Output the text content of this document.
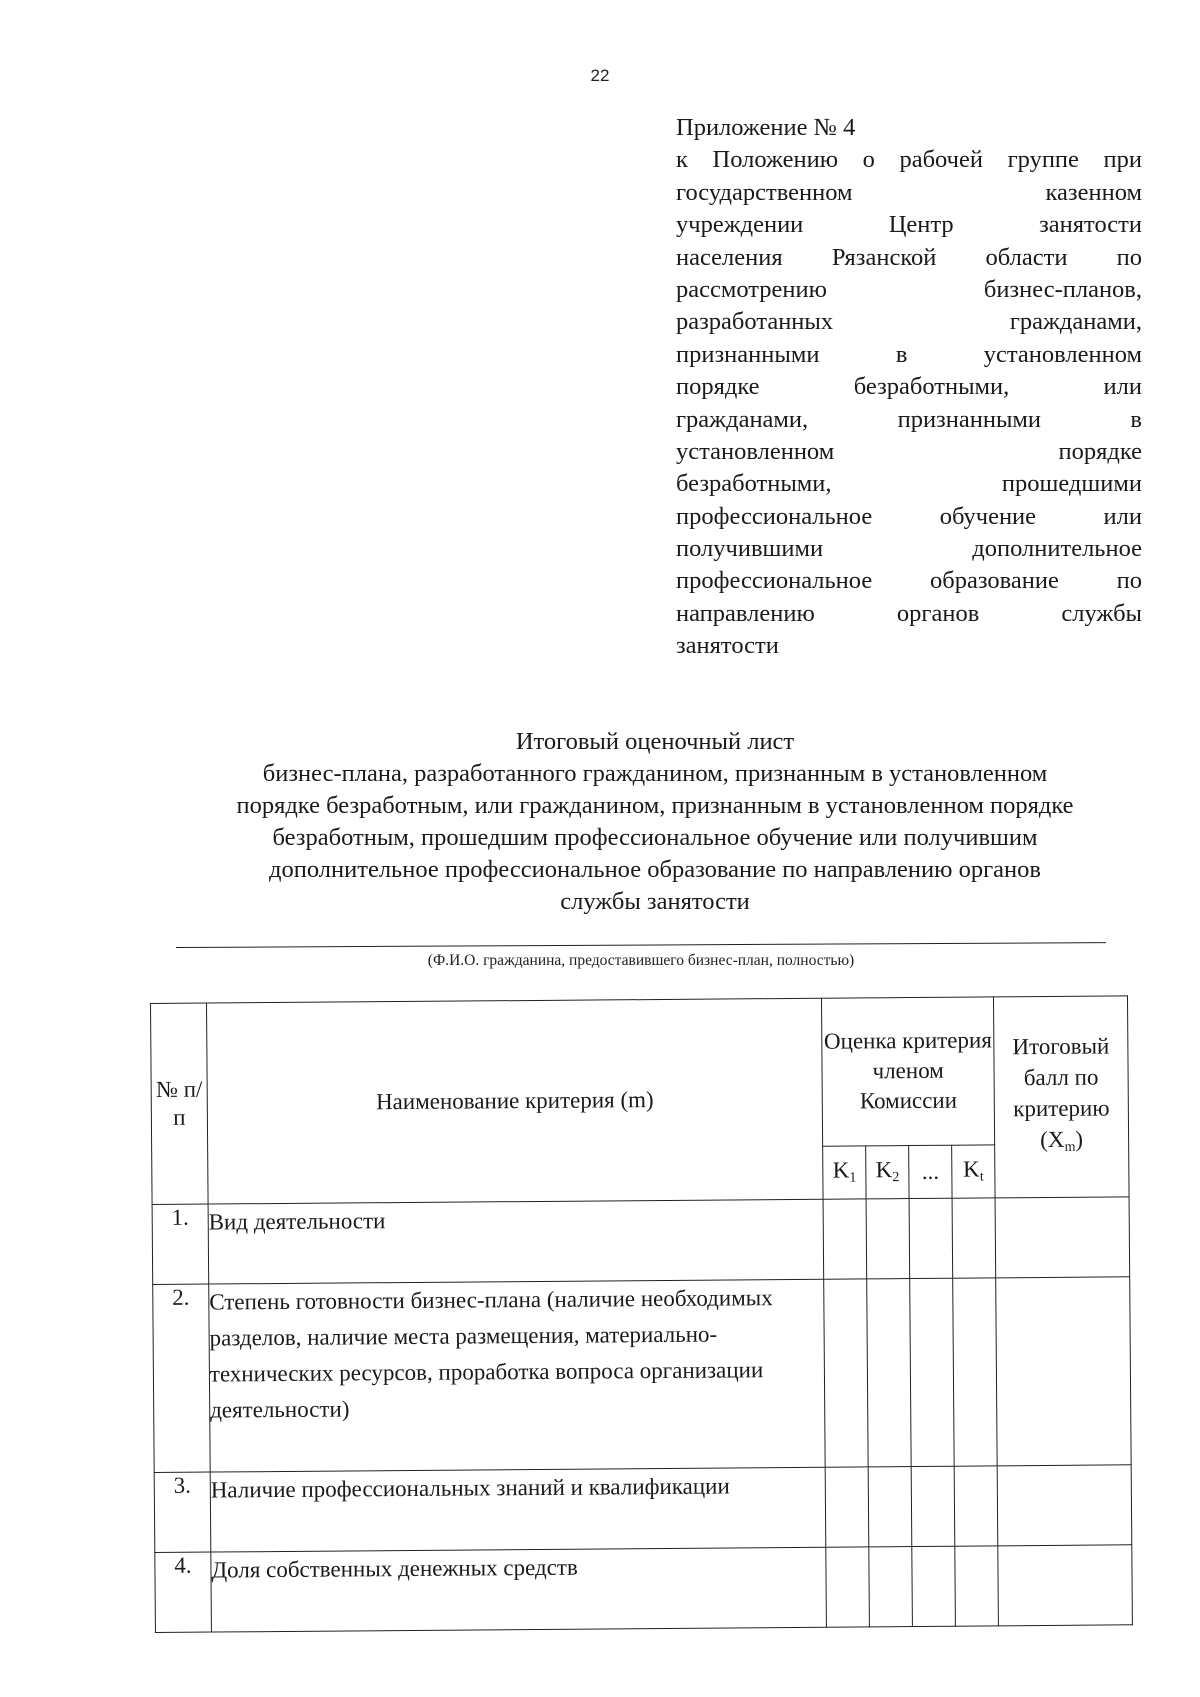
22
Приложение № 4
к Положению о рабочей группе при
государственном казенном
учреждении Центр занятости
населения Рязанской области по
рассмотрению бизнес-планов,
разработанных гражданами,
признанными в установленном
порядке безработными, или
гражданами, признанными в
установленном порядке
безработными, прошедшими
профессиональное обучение или
получившими дополнительное
профессиональное образование по
направлению органов службы
занятости
Итоговый оценочный лист
бизнес-плана, разработанного гражданином, признанным в установленном
порядке безработным, или гражданином, признанным в установленном порядке
безработным, прошедшим профессиональное обучение или получившим
дополнительное профессиональное образование по направлению органов
службы занятости
(Ф.И.О. гражданина, предоставившего бизнес-план, полностью)
№ п/п	Наименование критерия (m)	Оценка критерия членом Комиссии				Итоговый балл по критерию $(X_m)$
		$K_1$	$K_2$	...	$K_t$
1.	Вид деятельности					
2.	Степень готовности бизнес-плана (наличие необходимых разделов, наличие места размещения, материально-технических ресурсов, проработка вопроса организации деятельности)					
3.	Наличие профессиональных знаний и квалификации					
4.	Доля собственных денежных средств					
